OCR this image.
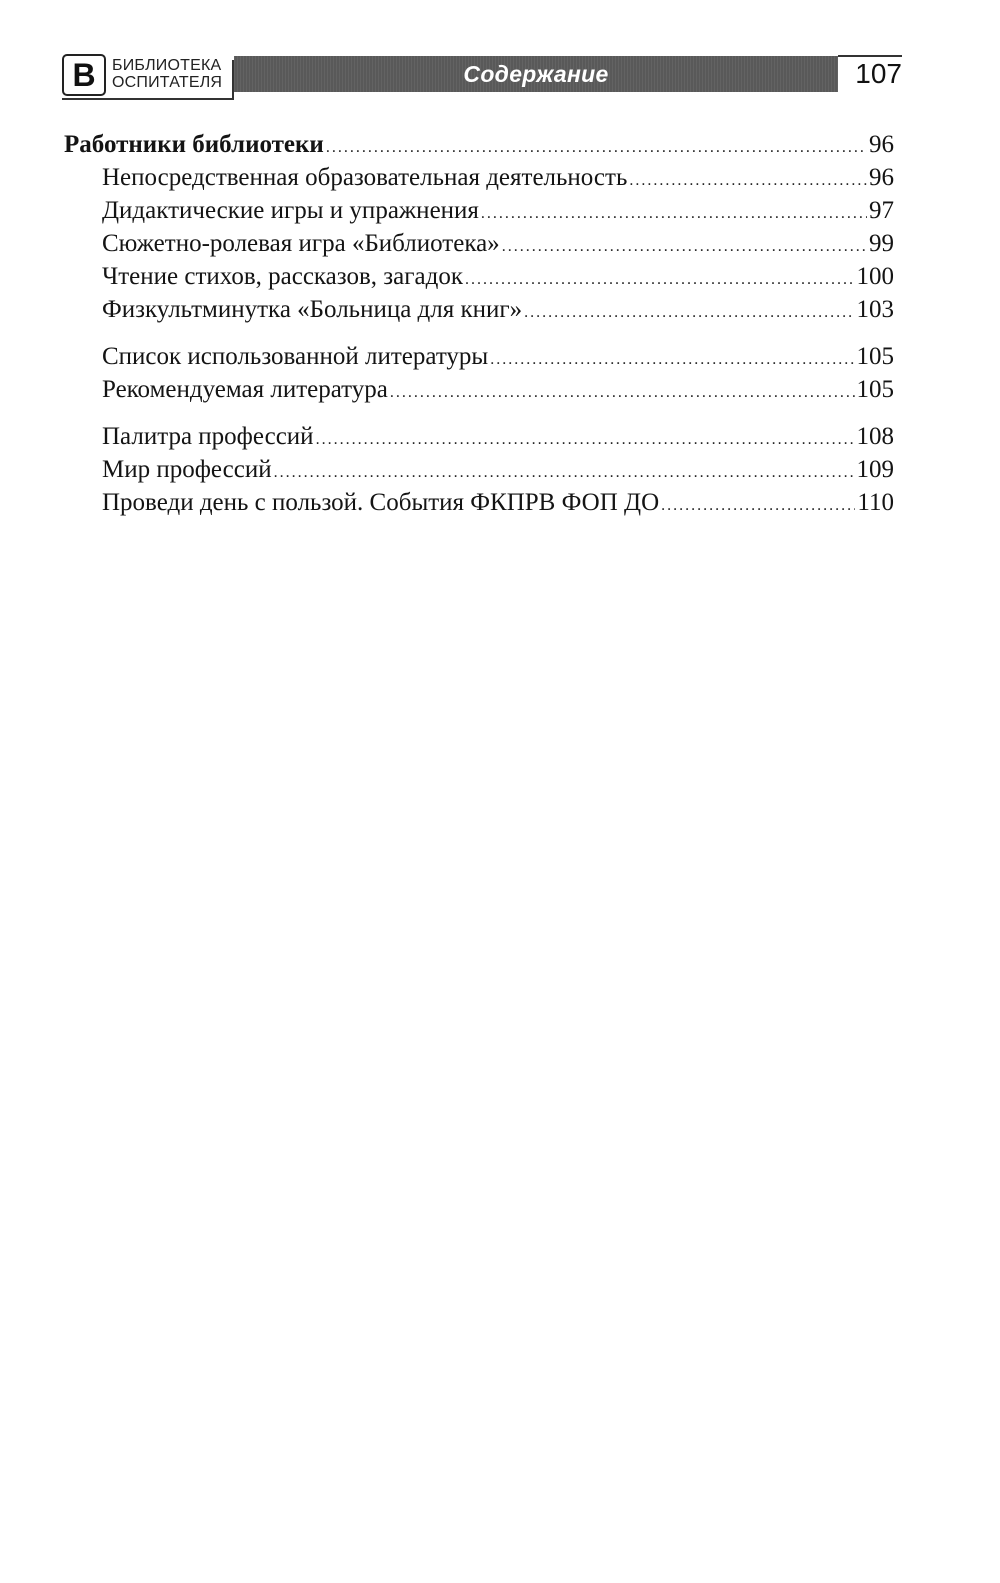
В	БИБЛИОТЕКА
ОСПИТАТЕЛЯ	Содержание	107
Работники библиотеки .....	96
Непосредственная образовательная деятельность .....	96
Дидактические игры и упражнения .....	97
Сюжетно-ролевая игра «Библиотека» .....	99
Чтение стихов, рассказов, загадок .....	100
Физкультминутка «Больница для книг» .....	103
Список использованной литературы .....	105
Рекомендуемая литература .....	105
Палитра профессий .....	108
Мир профессий .....	109
Проведи день с пользой. События ФКПРВ ФОП ДО .....	110
